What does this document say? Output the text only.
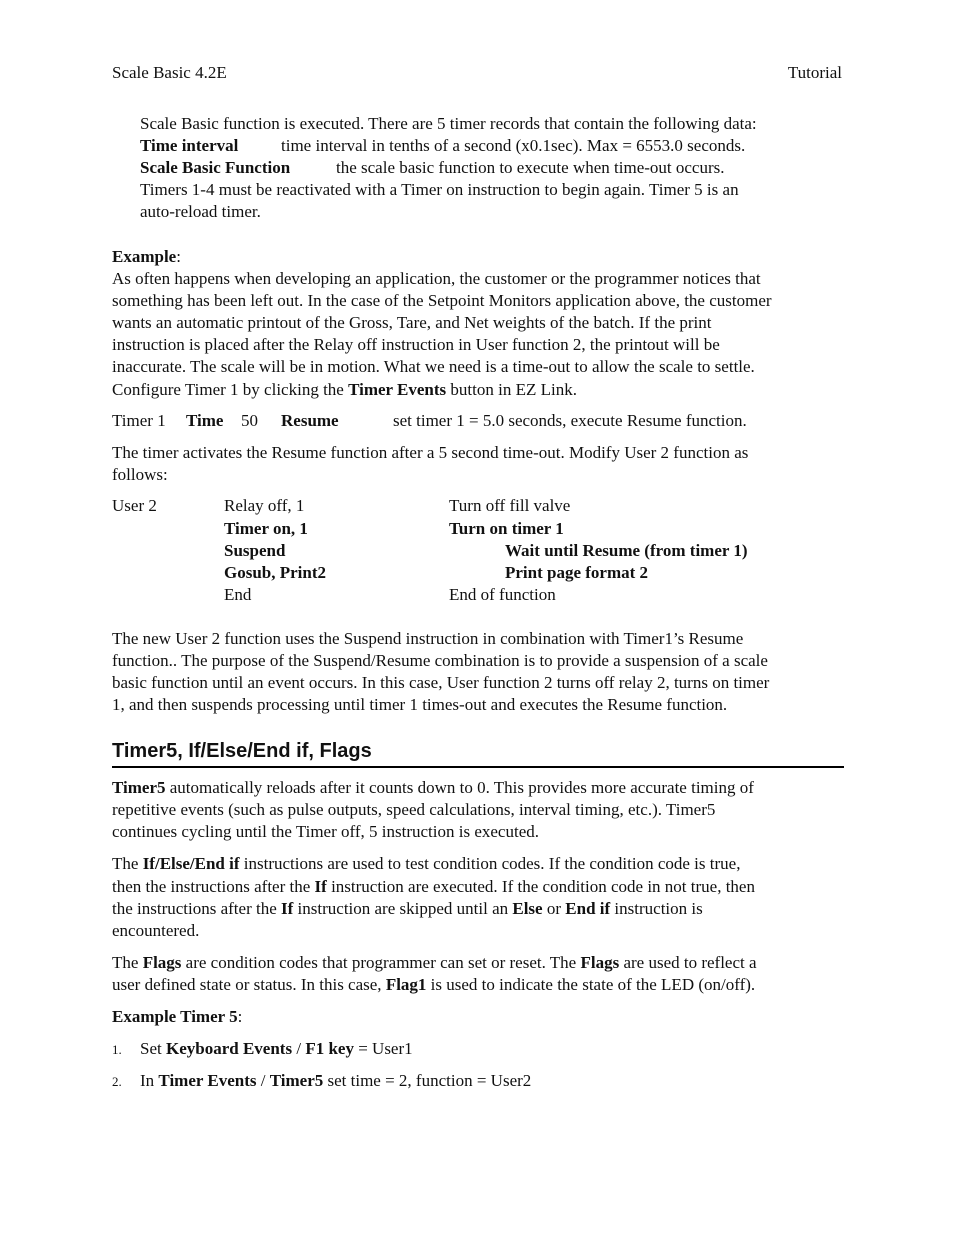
Scale Basic 4.2E	Tutorial
Scale Basic function is executed. There are 5 timer records that contain the following data:
Time interval	time interval in tenths of a second (x0.1sec). Max = 6553.0 seconds.
Scale Basic Function	the scale basic function to execute when time-out occurs.
Timers 1-4 must be reactivated with a Timer on instruction to begin again. Timer 5 is an
auto-reload timer.
Example:
As often happens when developing an application, the customer or the programmer notices that
something has been left out. In the case of the Setpoint Monitors application above, the customer
wants an automatic printout of the Gross, Tare, and Net weights of the batch. If the print
instruction is placed after the Relay off instruction in User function 2, the printout will be
inaccurate. The scale will be in motion. What we need is a time-out to allow the scale to settle.
Configure Timer 1 by clicking the Timer Events button in EZ Link.
Timer 1 Time 50 Resume	set timer 1 = 5.0 seconds, execute Resume function.
The timer activates the Resume function after a 5 second time-out. Modify User 2 function as
follows:
User 2	Relay off, 1	Turn off fill valve
Timer on, 1	Turn on timer 1
Suspend	Wait until Resume (from timer 1)
Gosub, Print2	Print page format 2
End	End of function
The new User 2 function uses the Suspend instruction in combination with Timer1’s Resume
function.. The purpose of the Suspend/Resume combination is to provide a suspension of a scale
basic function until an event occurs. In this case, User function 2 turns off relay 2, turns on timer
1, and then suspends processing until timer 1 times-out and executes the Resume function.
Timer5, If/Else/End if, Flags
Timer5 automatically reloads after it counts down to 0. This provides more accurate timing of
repetitive events (such as pulse outputs, speed calculations, interval timing, etc.). Timer5
continues cycling until the Timer off, 5 instruction is executed.
The If/Else/End if instructions are used to test condition codes. If the condition code is true,
then the instructions after the If instruction are executed. If the condition code in not true, then
the instructions after the If instruction are skipped until an Else or End if instruction is
encountered.
The Flags are condition codes that programmer can set or reset. The Flags are used to reflect a
user defined state or status. In this case, Flag1 is used to indicate the state of the LED (on/off).
Example Timer 5:
1. Set Keyboard Events / F1 key = User1
2. In Timer Events / Timer5 set time = 2, function = User2
